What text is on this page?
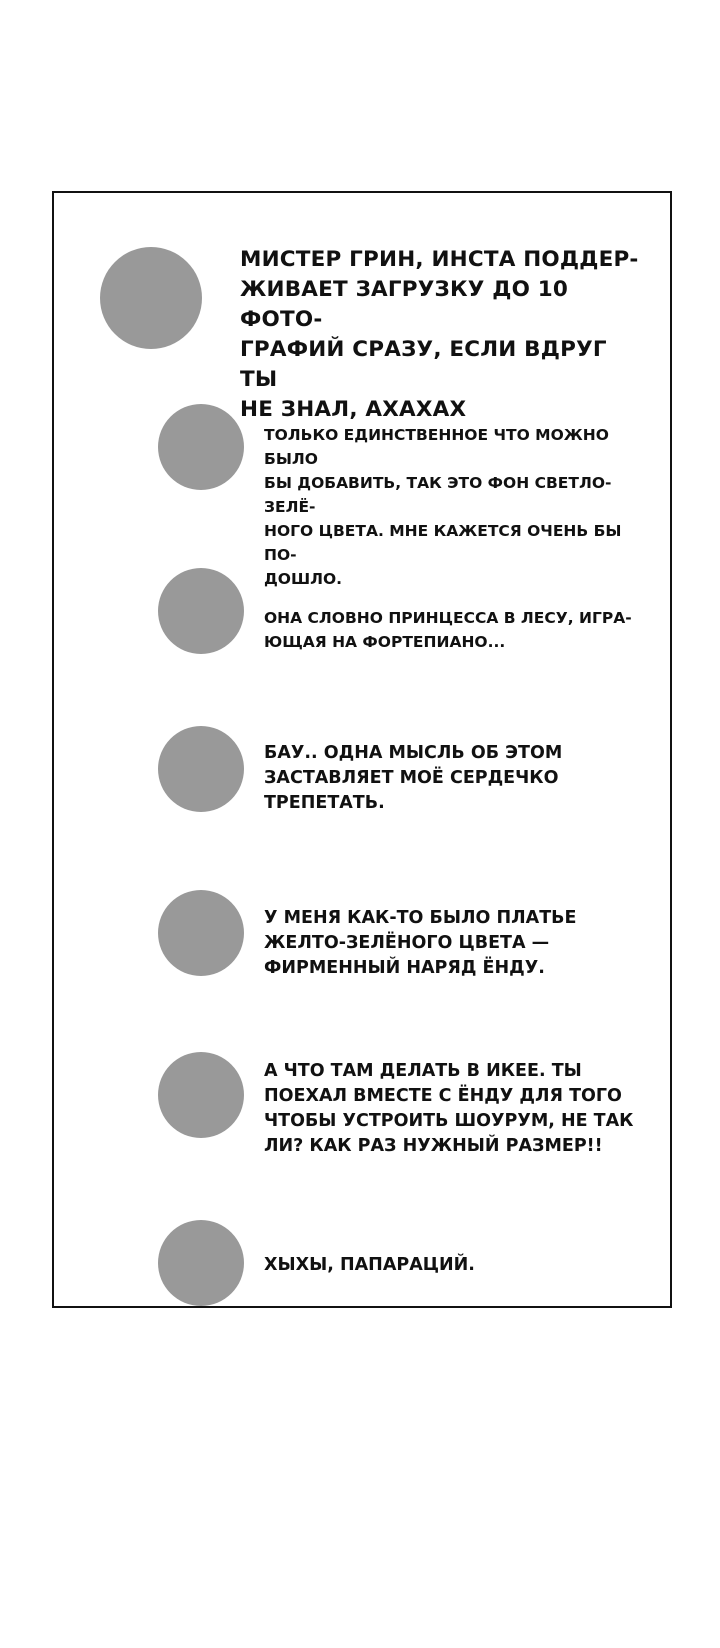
МИСТЕР ГРИН, ИНСТА ПОДДЕР-
ЖИВАЕТ ЗАГРУЗКУ ДО 10 ФОТО-
ГРАФИЙ СРАЗУ, ЕСЛИ ВДРУГ ТЫ
НЕ ЗНАЛ, АХАХАХ
ТОЛЬКО ЕДИНСТВЕННОЕ ЧТО МОЖНО БЫЛО
БЫ ДОБАВИТЬ, ТАК ЭТО ФОН СВЕТЛО-ЗЕЛЁ-
НОГО ЦВЕТА. МНЕ КАЖЕТСЯ ОЧЕНЬ БЫ ПО-
ДОШЛО.
ОНА СЛОВНО ПРИНЦЕССА В ЛЕСУ, ИГРА-
ЮЩАЯ НА ФОРТЕПИАНО...
БАУ.. ОДНА МЫСЛЬ ОБ ЭТОМ
ЗАСТАВЛЯЕТ МОЁ СЕРДЕЧКО
ТРЕПЕТАТЬ.
У МЕНЯ КАК-ТО БЫЛО ПЛАТЬЕ
ЖЕЛТО-ЗЕЛЁНОГО ЦВЕТА —
ФИРМЕННЫЙ НАРЯД ЁНДУ.
А ЧТО ТАМ ДЕЛАТЬ В ИКЕЕ. ТЫ
ПОЕХАЛ ВМЕСТЕ С ЁНДУ ДЛЯ ТОГО
ЧТОБЫ УСТРОИТЬ ШОУРУМ, НЕ ТАК
ЛИ? КАК РАЗ НУЖНЫЙ РАЗМЕР!!
ХЫХЫ, ПАПАРАЦИЙ.
